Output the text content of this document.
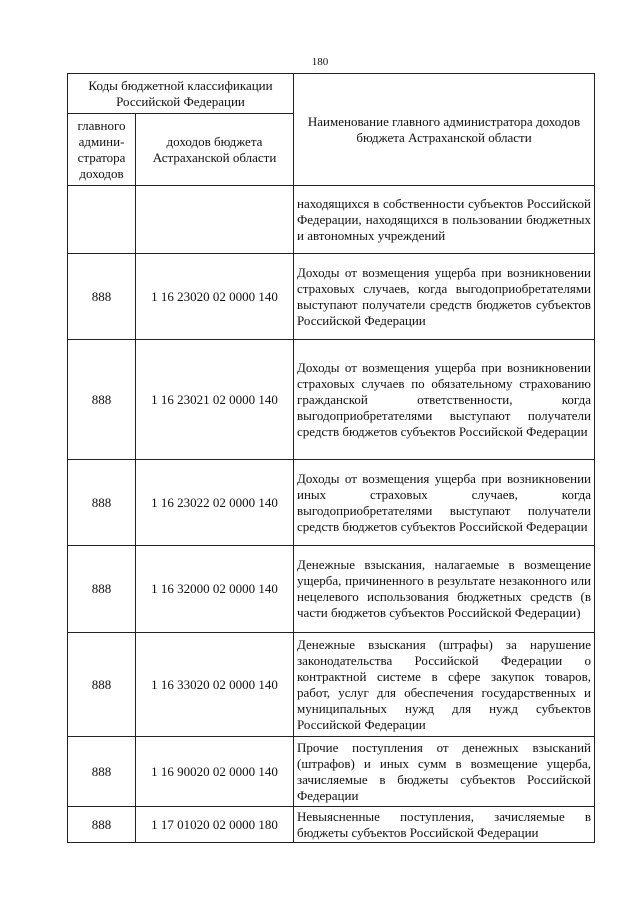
180
Коды бюджетной классификации Российской Федерации		Наименование главного администратора доходов бюджета Астраханской области
главного админи-стратора доходов	доходов бюджета Астраханской области	
		находящихся в собственности субъектов Российской Федерации, находящихся в пользовании бюджетных и автономных учреждений
888	1 16 23020 02 0000 140	Доходы от возмещения ущерба при возникновении страховых случаев, когда выгодоприобретателями выступают получатели средств бюджетов субъектов Российской Федерации
888	1 16 23021 02 0000 140	Доходы от возмещения ущерба при возникновении страховых случаев по обязательному страхованию гражданской ответственности, когда выгодоприобретателями выступают получатели средств бюджетов субъектов Российской Федерации
888	1 16 23022 02 0000 140	Доходы от возмещения ущерба при возникновении иных страховых случаев, когда выгодоприобретателями выступают получатели средств бюджетов субъектов Российской Федерации
888	1 16 32000 02 0000 140	Денежные взыскания, налагаемые в возмещение ущерба, причиненного в результате незаконного или нецелевого использования бюджетных средств (в части бюджетов субъектов Российской Федерации)
888	1 16 33020 02 0000 140	Денежные взыскания (штрафы) за нарушение законодательства Российской Федерации о контрактной системе в сфере закупок товаров, работ, услуг для обеспечения государственных и муниципальных нужд для нужд субъектов Российской Федерации
888	1 16 90020 02 0000 140	Прочие поступления от денежных взысканий (штрафов) и иных сумм в возмещение ущерба, зачисляемые в бюджеты субъектов Российской Федерации
888	1 17 01020 02 0000 180	Невыясненные поступления, зачисляемые в бюджеты субъектов Российской Федерации
